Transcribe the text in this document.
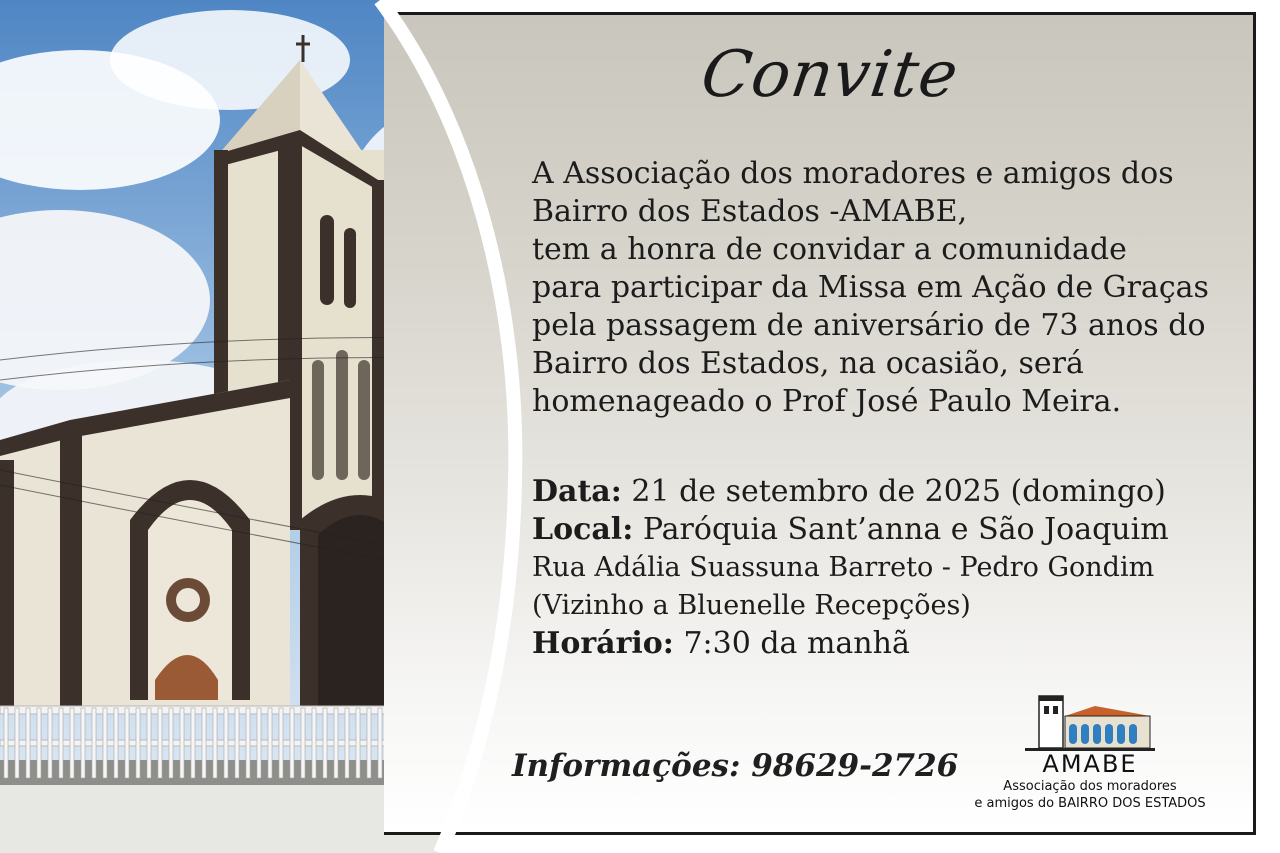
Convite
A Associação dos moradores e amigos dos
Bairro dos Estados -AMABE,
tem a honra de convidar a comunidade
para participar da Missa em Ação de Graças
pela passagem de aniversário de 73 anos do
Bairro dos Estados, na ocasião, será
homenageado o Prof José Paulo Meira.
Data: 21 de setembro de 2025 (domingo)
Local: Paróquia Sant’anna e São Joaquim
Rua Adália Suassuna Barreto - Pedro Gondim
(Vizinho a Bluenelle Recepções)
Horário: 7:30 da manhã
Informações: 98629-2726	AMABE
Associação dos moradores
e amigos do BAIRRO DOS ESTADOS
